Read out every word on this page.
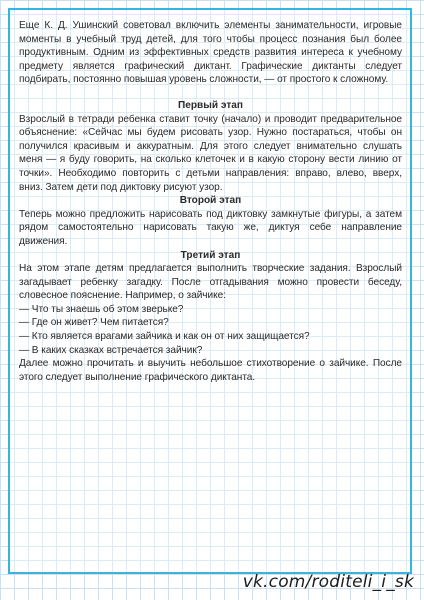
Еще К. Д. Ушинский советовал включить элементы занимательности, игровые моменты в учебный труд детей, для того чтобы процесс познания был более продуктивным. Одним из эффективных средств развития интереса к учебному предмету является графический диктант. Графические диктанты следует подбирать, постоянно повышая уровень сложности, — от простого к сложному.

Первый этап

Взрослый в тетради ребенка ставит точку (начало) и проводит предварительное объяснение: «Сейчас мы будем рисовать узор. Нужно постараться, чтобы он получился красивым и аккуратным. Для этого следует внимательно слушать меня — я буду говорить, на сколько клеточек и в какую сторону вести линию от точки». Необходимо повторить с детьми направления: вправо, влево, вверх, вниз. Затем дети под диктовку рисуют узор.

Второй этап

Теперь можно предложить нарисовать под диктовку замкнутые фигуры, а затем рядом самостоятельно нарисовать такую же, диктуя себе направление движения.

Третий этап

На этом этапе детям предлагается выполнить творческие задания. Взрослый загадывает ребенку загадку. После отгадывания можно провести беседу, словесное пояснение. Например, о зайчике:

— Что ты знаешь об этом зверьке?
— Где он живет? Чем питается?
— Кто является врагами зайчика и как он от них защищается?
— В каких сказках встречается зайчик?

Далее можно прочитать и выучить небольшое стихотворение о зайчике. После этого следует выполнение графического диктанта.

vk.com/roditeli_i_sk
